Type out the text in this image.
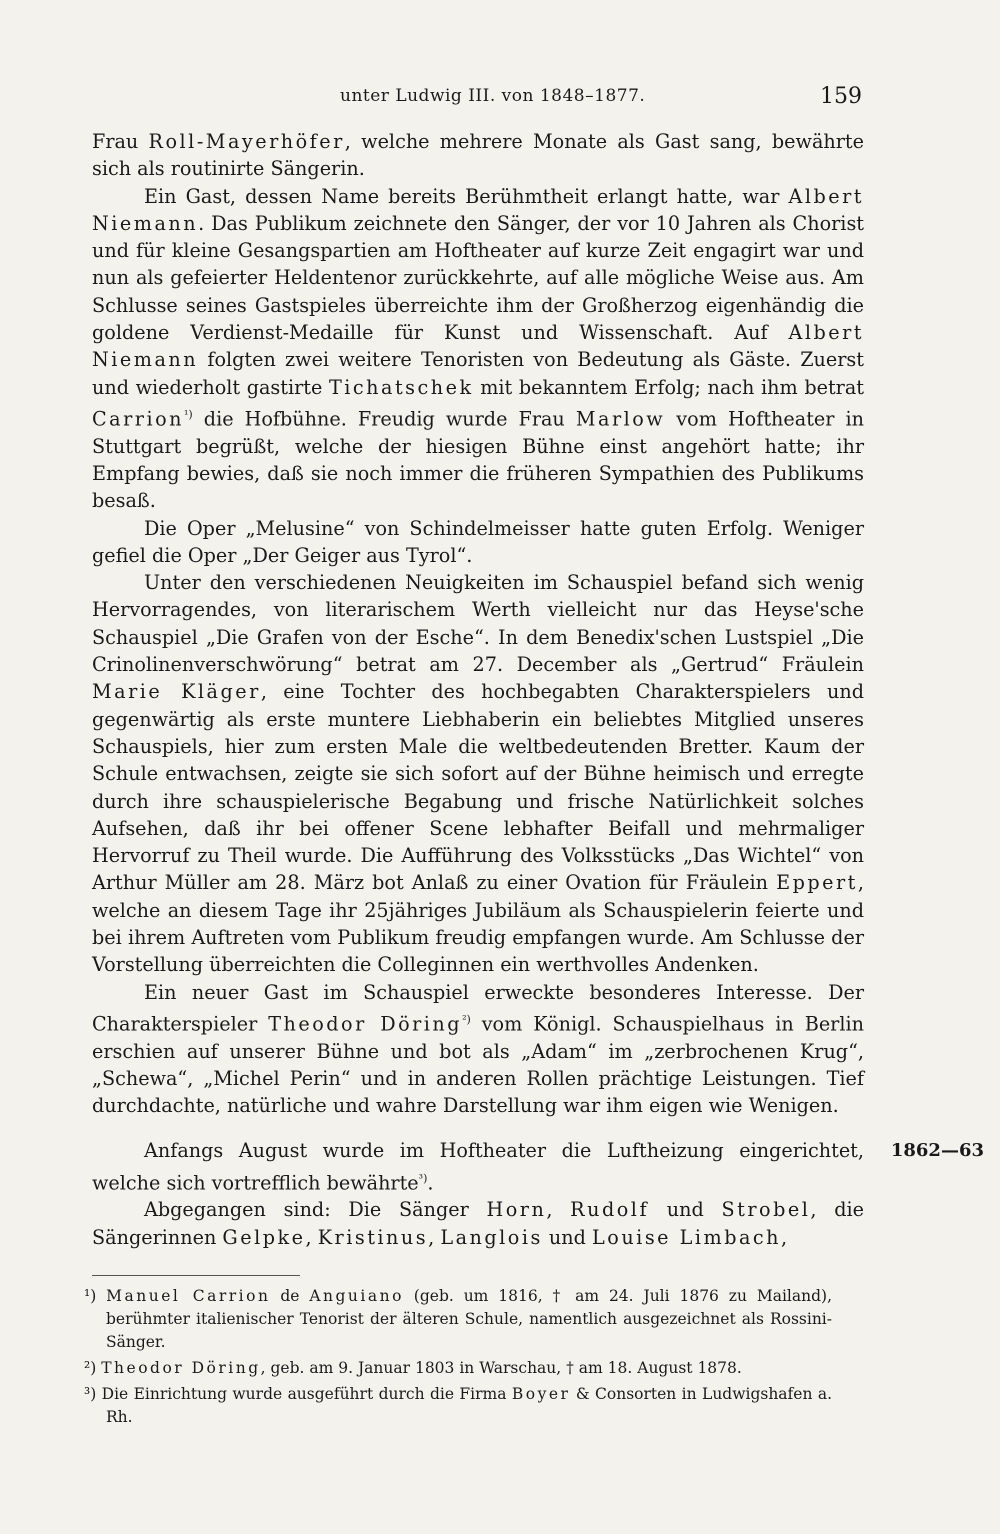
unter Ludwig III. von 1848–1877.	159

Frau Roll-Mayerhöfer, welche mehrere Monate als Gast sang, bewährte sich als routinirte Sängerin.

Ein Gast, dessen Name bereits Berühmtheit erlangt hatte, war Albert Niemann. Das Publikum zeichnete den Sänger, der vor 10 Jahren als Chorist und für kleine Gesangspartien am Hoftheater auf kurze Zeit engagirt war und nun als gefeierter Heldentenor zurückkehrte, auf alle mögliche Weise aus. Am Schlusse seines Gastspieles überreichte ihm der Großherzog eigenhändig die goldene Verdienst-Medaille für Kunst und Wissenschaft. Auf Albert Niemann folgten zwei weitere Tenoristen von Bedeutung als Gäste. Zuerst und wiederholt gastirte Tichatschek mit bekanntem Erfolg; nach ihm betrat Carrion$^{^1)}$ die Hofbühne. Freudig wurde Frau Marlow vom Hoftheater in Stuttgart begrüßt, welche der hiesigen Bühne einst angehört hatte; ihr Empfang bewies, daß sie noch immer die früheren Sympathien des Publikums besaß.

Die Oper „Melusine“ von Schindelmeisser hatte guten Erfolg. Weniger gefiel die Oper „Der Geiger aus Tyrol“.

Unter den verschiedenen Neuigkeiten im Schauspiel befand sich wenig Hervorragendes, von literarischem Werth vielleicht nur das Heyse'sche Schauspiel „Die Grafen von der Esche“. In dem Benedix'schen Lustspiel „Die Crinolinenverschwörung“ betrat am 27. December als „Gertrud“ Fräulein Marie Kläger, eine Tochter des hochbegabten Charakterspielers und gegenwärtig als erste muntere Liebhaberin ein beliebtes Mitglied unseres Schauspiels, hier zum ersten Male die weltbedeutenden Bretter. Kaum der Schule entwachsen, zeigte sie sich sofort auf der Bühne heimisch und erregte durch ihre schauspielerische Begabung und frische Natürlichkeit solches Aufsehen, daß ihr bei offener Scene lebhafter Beifall und mehrmaliger Hervorruf zu Theil wurde. Die Aufführung des Volksstücks „Das Wichtel“ von Arthur Müller am 28. März bot Anlaß zu einer Ovation für Fräulein Eppert, welche an diesem Tage ihr 25jähriges Jubiläum als Schauspielerin feierte und bei ihrem Auftreten vom Publikum freudig empfangen wurde. Am Schlusse der Vorstellung überreichten die Colleginnen ein werthvolles Andenken.

Ein neuer Gast im Schauspiel erweckte besonderes Interesse. Der Charakterspieler Theodor Döring$^{^2)}$ vom Königl. Schauspielhaus in Berlin erschien auf unserer Bühne und bot als „Adam“ im „zerbrochenen Krug“, „Schewa“, „Michel Perin“ und in anderen Rollen prächtige Leistungen. Tief durchdachte, natürliche und wahre Darstellung war ihm eigen wie Wenigen.

Anfangs August wurde im Hoftheater die Luftheizung eingerichtet, welche sich vortrefflich bewährte$^{^3)}$.

1862—63

Abgegangen sind: Die Sänger Horn, Rudolf und Strobel, die Sängerinnen Gelpke, Kristinus, Langlois und Louise Limbach,

¹) Manuel Carrion de Anguiano (geb. um 1816, † am 24. Juli 1876 zu Mailand), berühmter italienischer Tenorist der älteren Schule, namentlich ausgezeichnet als Rossini-Sänger.

²) Theodor Döring, geb. am 9. Januar 1803 in Warschau, † am 18. August 1878.

³) Die Einrichtung wurde ausgeführt durch die Firma Boyer & Consorten in Ludwigshafen a. Rh.
